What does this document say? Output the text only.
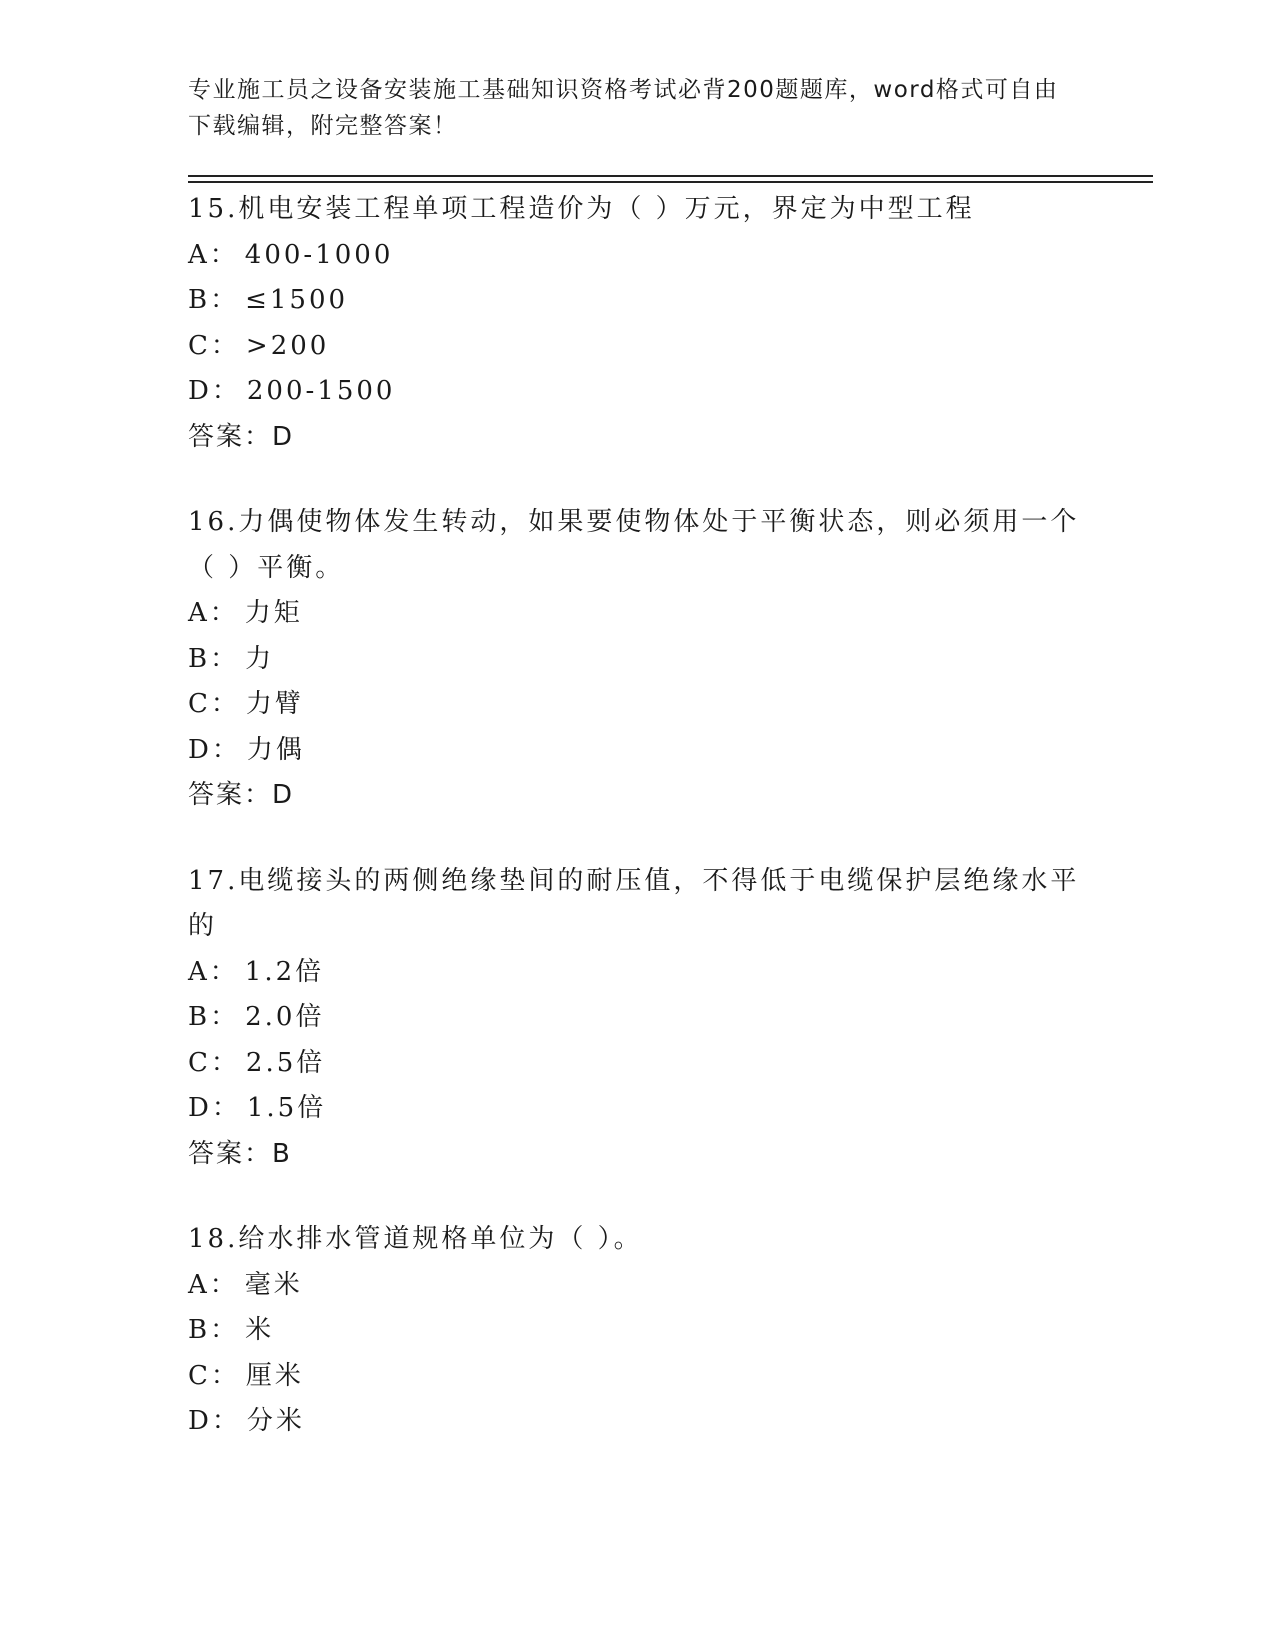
专业施工员之设备安装施工基础知识资格考试必背200题题库，word格式可自由
下载编辑，附完整答案！
15.机电安装工程单项工程造价为（ ）万元，界定为中型工程
A： 400-1000
B： ≤1500
C： >200
D： 200-1500
答案：D
16.力偶使物体发生转动，如果要使物体处于平衡状态，则必须用一个
（ ）平衡。
A： 力矩
B： 力
C： 力臂
D： 力偶
答案：D
17.电缆接头的两侧绝缘垫间的耐压值，不得低于电缆保护层绝缘水平
的
A： 1.2倍
B： 2.0倍
C： 2.5倍
D： 1.5倍
答案：B
18.给水排水管道规格单位为（ ）。
A： 毫米
B： 米
C： 厘米
D： 分米
